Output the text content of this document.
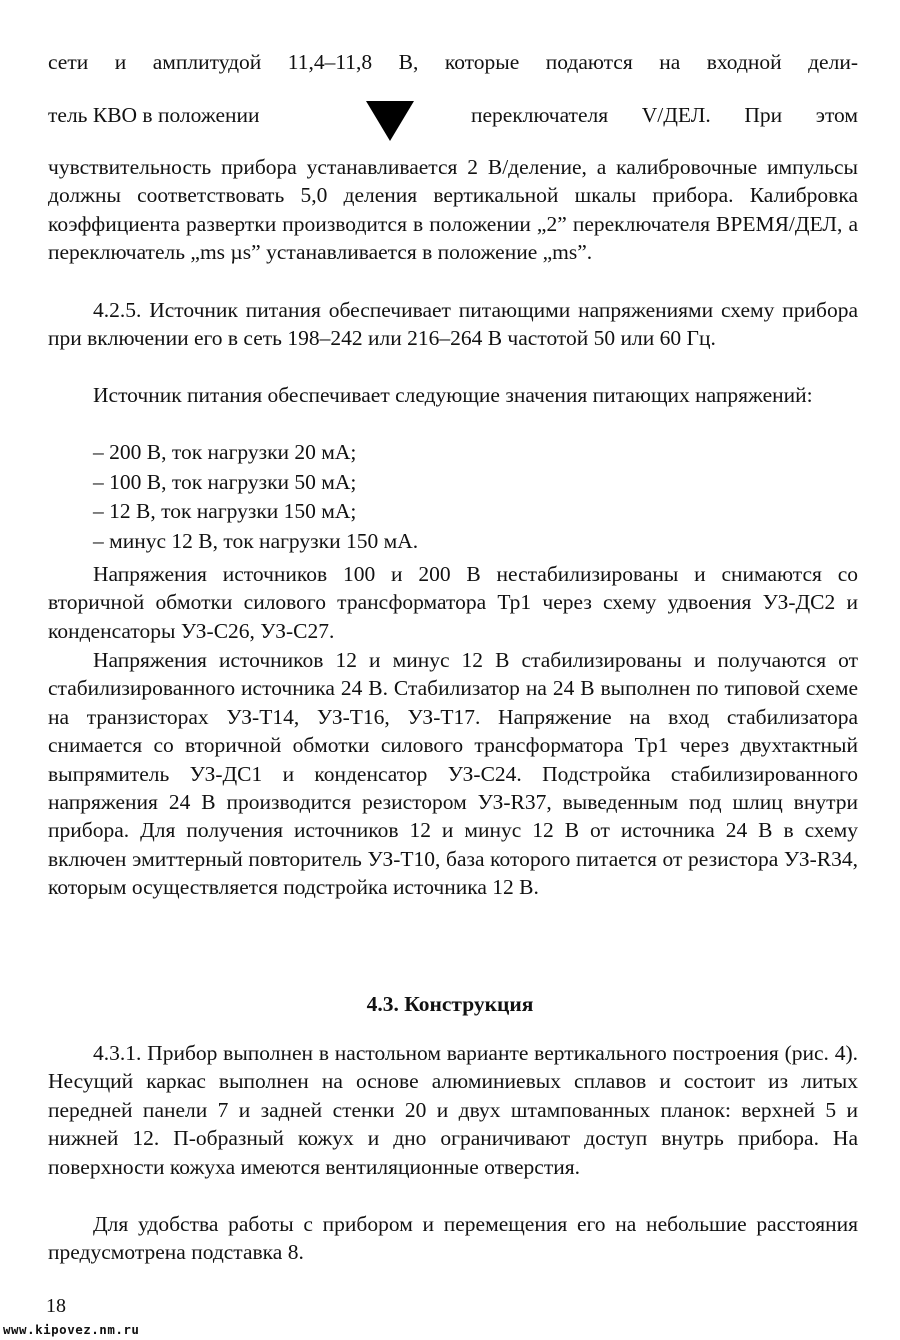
сети и амплитудой 11,4–11,8 В, которые подаются на входной дели-
тель КВО в положении	переключателя V/ДЕЛ. При этом

чувствительность прибора устанавливается 2 В/деление, а калибровочные импульсы должны соответствовать 5,0 деления вертикальной шкалы прибора. Калибровка коэффициента развертки производится в положении „2” переключателя ВРЕМЯ/ДЕЛ, а переключатель „ms µs” устанавливается в положение „ms”.

4.2.5. Источник питания обеспечивает питающими напряжениями схему прибора при включении его в сеть 198–242 или 216–264 В частотой 50 или 60 Гц.

Источник питания обеспечивает следующие значения питающих напряжений:

– 200 В, ток нагрузки 20 мА;
– 100 В, ток нагрузки 50 мА;
– 12 В, ток нагрузки 150 мА;
– минус 12 В, ток нагрузки 150 мА.

Напряжения источников 100 и 200 В нестабилизированы и снимаются со вторичной обмотки силового трансформатора Тр1 через схему удвоения УЗ-ДС2 и конденсаторы УЗ-С26, УЗ-С27.

Напряжения источников 12 и минус 12 В стабилизированы и получаются от стабилизированного источника 24 В. Стабилизатор на 24 В выполнен по типовой схеме на транзисторах УЗ-Т14, УЗ-Т16, УЗ-Т17. Напряжение на вход стабилизатора снимается со вторичной обмотки силового трансформатора Тр1 через двухтактный выпрямитель УЗ-ДС1 и конденсатор УЗ-С24. Подстройка стабилизированного напряжения 24 В производится резистором УЗ-R37, выведенным под шлиц внутри прибора. Для получения источников 12 и минус 12 В от источника 24 В в схему включен эмиттерный повторитель УЗ-Т10, база которого питается от резистора УЗ-R34, которым осуществляется подстройка источника 12 В.

4.3. Конструкция

4.3.1. Прибор выполнен в настольном варианте вертикального построения (рис. 4). Несущий каркас выполнен на основе алюминиевых сплавов и состоит из литых передней панели 7 и задней стенки 20 и двух штампованных планок: верхней 5 и нижней 12. П-образный кожух и дно ограничивают доступ внутрь прибора. На поверхности кожуха имеются вентиляционные отверстия.

Для удобства работы с прибором и перемещения его на небольшие расстояния предусмотрена подставка 8.

18
www.kipovez.nm.ru
